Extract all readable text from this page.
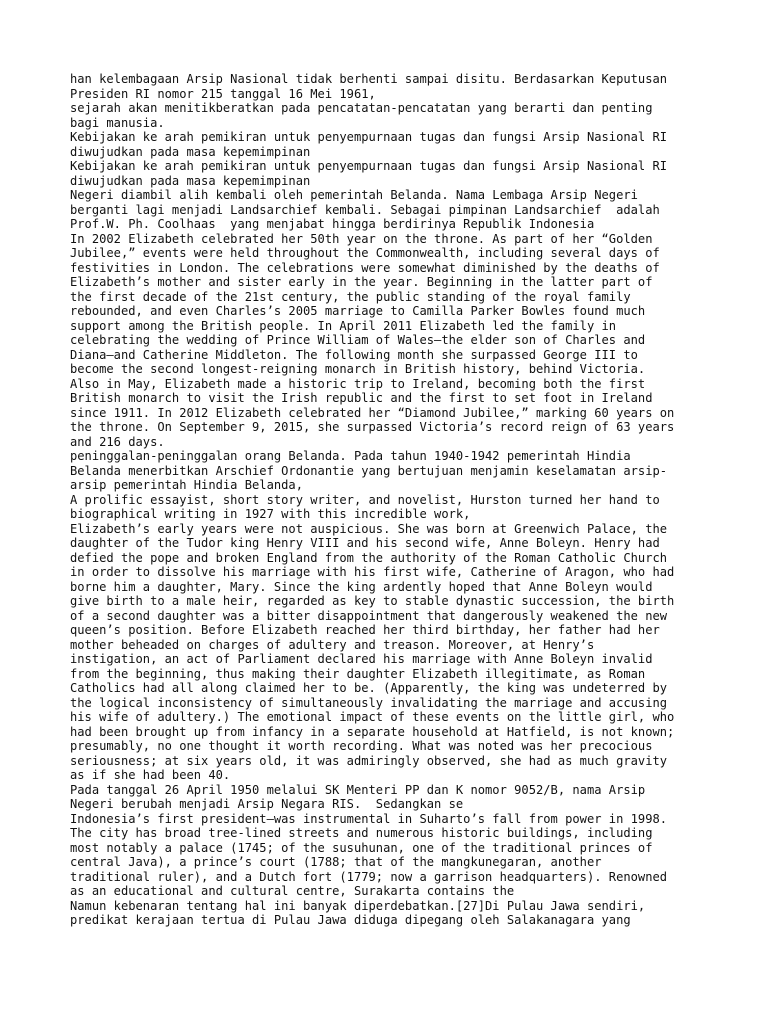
han kelembagaan Arsip Nasional tidak berhenti sampai disitu. Berdasarkan Keputusan
Presiden RI nomor 215 tanggal 16 Mei 1961,
sejarah akan menitikberatkan pada pencatatan-pencatatan yang berarti dan penting
bagi manusia.
Kebijakan ke arah pemikiran untuk penyempurnaan tugas dan fungsi Arsip Nasional RI
diwujudkan pada masa kepemimpinan
Kebijakan ke arah pemikiran untuk penyempurnaan tugas dan fungsi Arsip Nasional RI
diwujudkan pada masa kepemimpinan
Negeri diambil alih kembali oleh pemerintah Belanda. Nama Lembaga Arsip Negeri
berganti lagi menjadi Landsarchief kembali. Sebagai pimpinan Landsarchief  adalah
Prof.W. Ph. Coolhaas  yang menjabat hingga berdirinya Republik Indonesia
In 2002 Elizabeth celebrated her 50th year on the throne. As part of her “Golden
Jubilee,” events were held throughout the Commonwealth, including several days of
festivities in London. The celebrations were somewhat diminished by the deaths of
Elizabeth’s mother and sister early in the year. Beginning in the latter part of
the first decade of the 21st century, the public standing of the royal family
rebounded, and even Charles’s 2005 marriage to Camilla Parker Bowles found much
support among the British people. In April 2011 Elizabeth led the family in
celebrating the wedding of Prince William of Wales—the elder son of Charles and
Diana—and Catherine Middleton. The following month she surpassed George III to
become the second longest-reigning monarch in British history, behind Victoria.
Also in May, Elizabeth made a historic trip to Ireland, becoming both the first
British monarch to visit the Irish republic and the first to set foot in Ireland
since 1911. In 2012 Elizabeth celebrated her “Diamond Jubilee,” marking 60 years on
the throne. On September 9, 2015, she surpassed Victoria’s record reign of 63 years
and 216 days.
peninggalan-peninggalan orang Belanda. Pada tahun 1940-1942 pemerintah Hindia
Belanda menerbitkan Arschief Ordonantie yang bertujuan menjamin keselamatan arsip-
arsip pemerintah Hindia Belanda,
A prolific essayist, short story writer, and novelist, Hurston turned her hand to
biographical writing in 1927 with this incredible work,
Elizabeth’s early years were not auspicious. She was born at Greenwich Palace, the
daughter of the Tudor king Henry VIII and his second wife, Anne Boleyn. Henry had
defied the pope and broken England from the authority of the Roman Catholic Church
in order to dissolve his marriage with his first wife, Catherine of Aragon, who had
borne him a daughter, Mary. Since the king ardently hoped that Anne Boleyn would
give birth to a male heir, regarded as key to stable dynastic succession, the birth
of a second daughter was a bitter disappointment that dangerously weakened the new
queen’s position. Before Elizabeth reached her third birthday, her father had her
mother beheaded on charges of adultery and treason. Moreover, at Henry’s
instigation, an act of Parliament declared his marriage with Anne Boleyn invalid
from the beginning, thus making their daughter Elizabeth illegitimate, as Roman
Catholics had all along claimed her to be. (Apparently, the king was undeterred by
the logical inconsistency of simultaneously invalidating the marriage and accusing
his wife of adultery.) The emotional impact of these events on the little girl, who
had been brought up from infancy in a separate household at Hatfield, is not known;
presumably, no one thought it worth recording. What was noted was her precocious
seriousness; at six years old, it was admiringly observed, she had as much gravity
as if she had been 40.
Pada tanggal 26 April 1950 melalui SK Menteri PP dan K nomor 9052/B, nama Arsip
Negeri berubah menjadi Arsip Negara RIS.  Sedangkan se
Indonesia’s first president—was instrumental in Suharto’s fall from power in 1998.
The city has broad tree-lined streets and numerous historic buildings, including
most notably a palace (1745; of the susuhunan, one of the traditional princes of
central Java), a prince’s court (1788; that of the mangkunegaran, another
traditional ruler), and a Dutch fort (1779; now a garrison headquarters). Renowned
as an educational and cultural centre, Surakarta contains the
Namun kebenaran tentang hal ini banyak diperdebatkan.[27]Di Pulau Jawa sendiri,
predikat kerajaan tertua di Pulau Jawa diduga dipegang oleh Salakanagara yang
